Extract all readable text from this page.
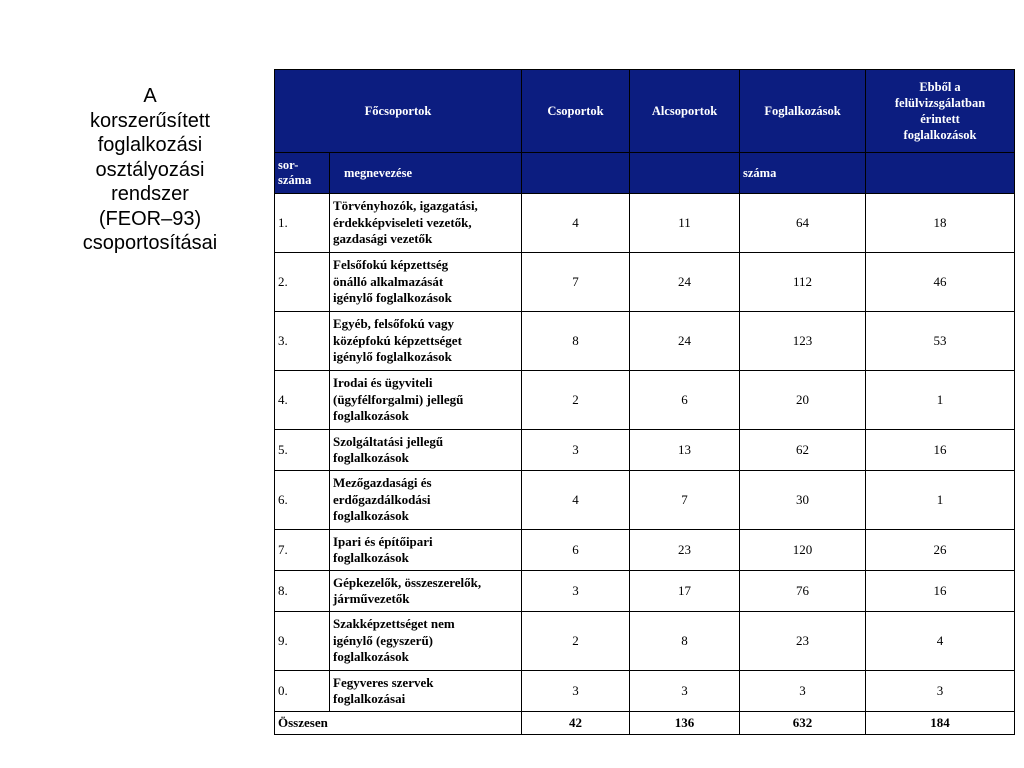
A
korszerűsített
foglalkozási
osztályozási
rendszer
(FEOR–93)
csoportosításai
Főcsoportok		Csoportok	Alcsoportok	Foglalkozások	Ebből a
felülvizsgálatban
érintett
foglalkozások

sor-
száma	megnevezése			száma	
1.	Törvényhozók, igazgatási,
érdekképviseleti vezetők,
gazdasági vezetők	4	11	64	18
2.	Felsőfokú képzettség
önálló alkalmazását
igénylő foglalkozások	7	24	112	46
3.	Egyéb, felsőfokú vagy
középfokú képzettséget
igénylő foglalkozások	8	24	123	53
4.	Irodai és ügyviteli
(ügyfélforgalmi) jellegű
foglalkozások	2	6	20	1
5.	Szolgáltatási jellegű
foglalkozások	3	13	62	16
6.	Mezőgazdasági és
erdőgazdálkodási
foglalkozások	4	7	30	1
7.	Ipari és építőipari
foglalkozások	6	23	120	26
8.	Gépkezelők, összeszerelők,
járművezetők	3	17	76	16
9.	Szakképzettséget nem
igénylő (egyszerű)
foglalkozások	2	8	23	4
0.	Fegyveres szervek
foglalkozásai	3	3	3	3
Összesen		42	136	632	184
